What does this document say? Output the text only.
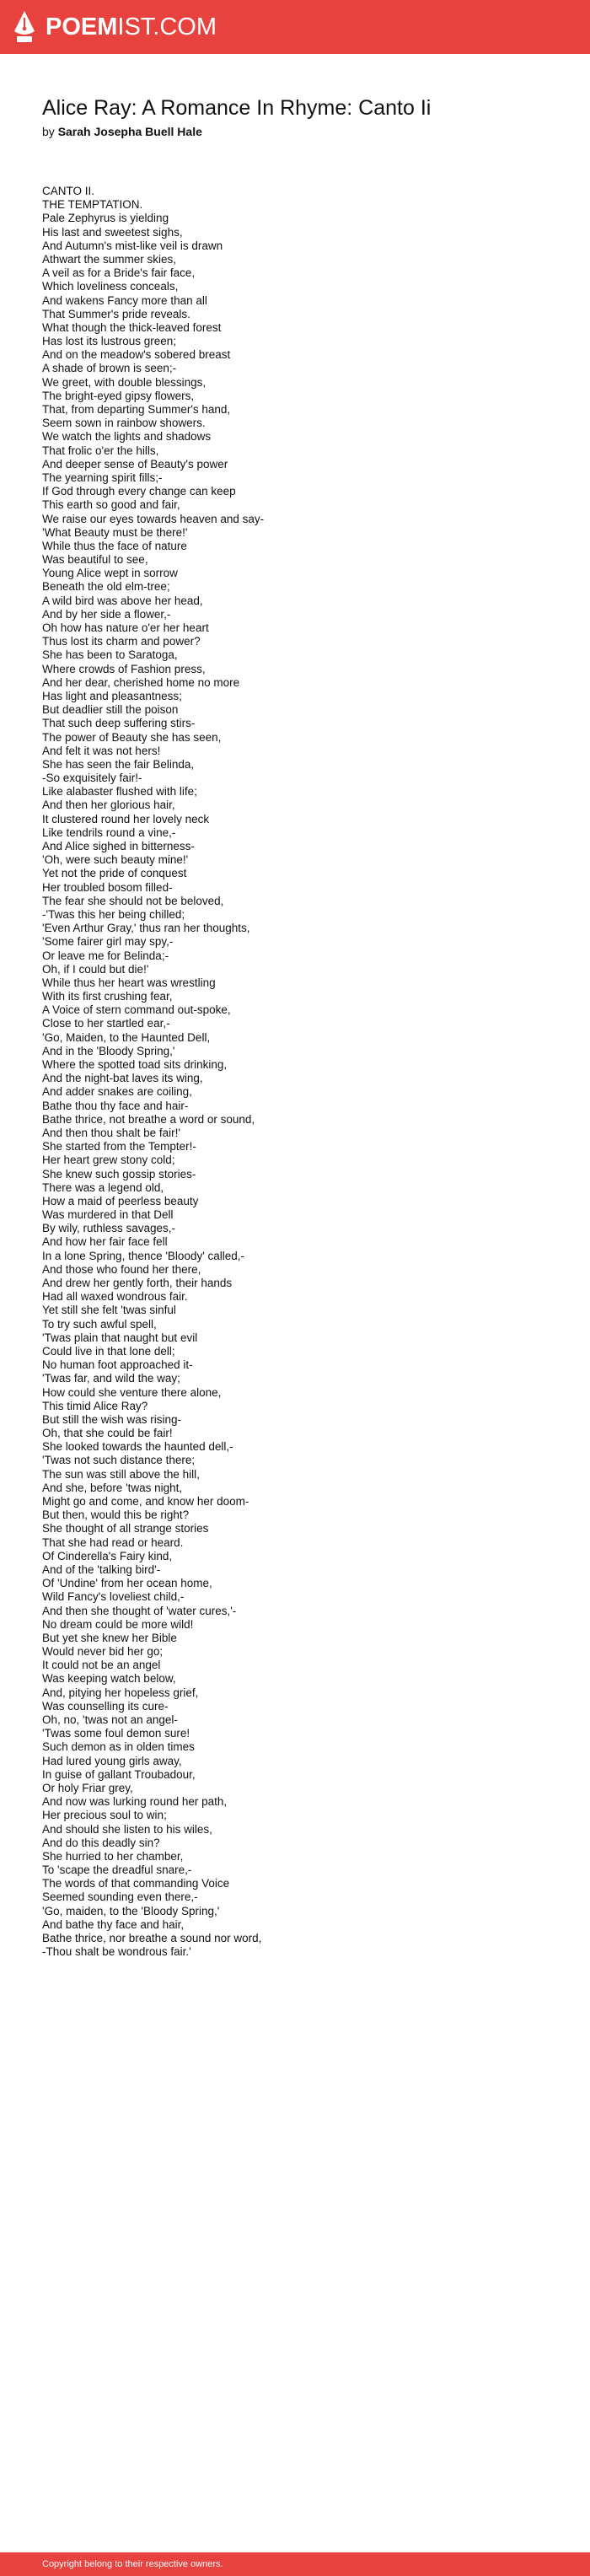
POEMIST.COM
Alice Ray: A Romance In Rhyme: Canto Ii
by Sarah Josepha Buell Hale
CANTO II.
THE TEMPTATION.
Pale Zephyrus is yielding
His last and sweetest sighs,
And Autumn's mist-like veil is drawn
Athwart the summer skies,
A veil as for a Bride's fair face,
Which loveliness conceals,
And wakens Fancy more than all
That Summer's pride reveals.
What though the thick-leaved forest
Has lost its lustrous green;
And on the meadow's sobered breast
A shade of brown is seen;-
We greet, with double blessings,
The bright-eyed gipsy flowers,
That, from departing Summer's hand,
Seem sown in rainbow showers.
We watch the lights and shadows
That frolic o'er the hills,
And deeper sense of Beauty's power
The yearning spirit fills;-
If God through every change can keep
This earth so good and fair,
We raise our eyes towards heaven and say-
'What Beauty must be there!'
While thus the face of nature
Was beautiful to see,
Young Alice wept in sorrow
Beneath the old elm-tree;
A wild bird was above her head,
And by her side a flower,-
Oh how has nature o'er her heart
Thus lost its charm and power?
She has been to Saratoga,
Where crowds of Fashion press,
And her dear, cherished home no more
Has light and pleasantness;
But deadlier still the poison
That such deep suffering stirs-
The power of Beauty she has seen,
And felt it was not hers!
She has seen the fair Belinda,
-So exquisitely fair!-
Like alabaster flushed with life;
And then her glorious hair,
It clustered round her lovely neck
Like tendrils round a vine,-
And Alice sighed in bitterness-
'Oh, were such beauty mine!'
Yet not the pride of conquest
Her troubled bosom filled-
The fear she should not be beloved,
-'Twas this her being chilled;
'Even Arthur Gray,' thus ran her thoughts,
'Some fairer girl may spy,-
Or leave me for Belinda;-
Oh, if I could but die!'
While thus her heart was wrestling
With its first crushing fear,
A Voice of stern command out-spoke,
Close to her startled ear,-
'Go, Maiden, to the Haunted Dell,
And in the 'Bloody Spring,'
Where the spotted toad sits drinking,
And the night-bat laves its wing,
And adder snakes are coiling,
Bathe thou thy face and hair-
Bathe thrice, not breathe a word or sound,
And then thou shalt be fair!'
She started from the Tempter!-
Her heart grew stony cold;
She knew such gossip stories-
There was a legend old,
How a maid of peerless beauty
Was murdered in that Dell
By wily, ruthless savages,-
And how her fair face fell
In a lone Spring, thence 'Bloody' called,-
And those who found her there,
And drew her gently forth, their hands
Had all waxed wondrous fair.
Yet still she felt 'twas sinful
To try such awful spell,
'Twas plain that naught but evil
Could live in that lone dell;
No human foot approached it-
'Twas far, and wild the way;
How could she venture there alone,
This timid Alice Ray?
But still the wish was rising-
Oh, that she could be fair!
She looked towards the haunted dell,-
'Twas not such distance there;
The sun was still above the hill,
And she, before 'twas night,
Might go and come, and know her doom-
But then, would this be right?
She thought of all strange stories
That she had read or heard.
Of Cinderella's Fairy kind,
And of the 'talking bird'-
Of 'Undine' from her ocean home,
Wild Fancy's loveliest child,-
And then she thought of 'water cures,'-
No dream could be more wild!
But yet she knew her Bible
Would never bid her go;
It could not be an angel
Was keeping watch below,
And, pitying her hopeless grief,
Was counselling its cure-
Oh, no, 'twas not an angel-
'Twas some foul demon sure!
Such demon as in olden times
Had lured young girls away,
In guise of gallant Troubadour,
Or holy Friar grey,
And now was lurking round her path,
Her precious soul to win;
And should she listen to his wiles,
And do this deadly sin?
She hurried to her chamber,
To 'scape the dreadful snare,-
The words of that commanding Voice
Seemed sounding even there,-
'Go, maiden, to the 'Bloody Spring,'
And bathe thy face and hair,
Bathe thrice, nor breathe a sound nor word,
-Thou shalt be wondrous fair.'
Copyright belong to their respective owners.
